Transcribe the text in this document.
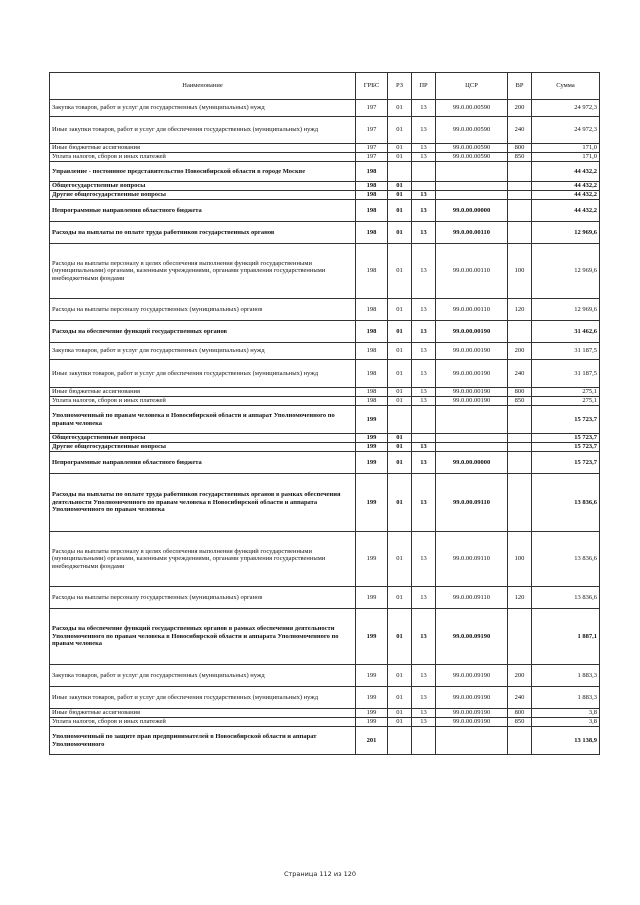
Наименование	ГРБС	РЗ	ПР	ЦСР	ВР	Сумма
Закупка товаров, работ и услуг для государственных (муниципальных) нужд	197	01	13	99.0.00.00590	200	24 972,3
Иные закупки товаров, работ и услуг для обеспечения государственных (муниципальных) нужд	197	01	13	99.0.00.00590	240	24 972,3
Иные бюджетные ассигнования	197	01	13	99.0.00.00590	800	171,0
Уплата налогов, сборов и иных платежей	197	01	13	99.0.00.00590	850	171,0
Управление - постоянное представительство Новосибирской области в городе Москве	198					44 432,2
Общегосударственные вопросы	198	01				44 432,2
Другие общегосударственные вопросы	198	01	13			44 432,2
Непрограммные направления областного бюджета	198	01	13	99.0.00.00000		44 432,2
Расходы на выплаты по оплате труда работников государственных органов	198	01	13	99.0.00.00110		12 969,6
Расходы на выплаты персоналу в целях обеспечения выполнения функций государственными (муниципальными) органами, казенными учреждениями, органами управления государственными внебюджетными фондами	198	01	13	99.0.00.00110	100	12 969,6
Расходы на выплаты персоналу государственных (муниципальных) органов	198	01	13	99.0.00.00110	120	12 969,6
Расходы на обеспечение функций государственных органов	198	01	13	99.0.00.00190		31 462,6
Закупка товаров, работ и услуг для государственных (муниципальных) нужд	198	01	13	99.0.00.00190	200	31 187,5
Иные закупки товаров, работ и услуг для обеспечения государственных (муниципальных) нужд	198	01	13	99.0.00.00190	240	31 187,5
Иные бюджетные ассигнования	198	01	13	99.0.00.00190	800	275,1
Уплата налогов, сборов и иных платежей	198	01	13	99.0.00.00190	850	275,1
Уполномоченный по правам человека в Новосибирской области и аппарат Уполномоченного по правам человека	199					15 723,7
Общегосударственные вопросы	199	01				15 723,7
Другие общегосударственные вопросы	199	01	13			15 723,7
Непрограммные направления областного бюджета	199	01	13	99.0.00.00000		15 723,7
Расходы на выплаты по оплате труда работников государственных органов в рамках обеспечения деятельности Уполномоченного по правам человека в Новосибирской области и аппарата Уполномоченного по правам человека	199	01	13	99.0.00.09110		13 836,6
Расходы на выплаты персоналу в целях обеспечения выполнения функций государственными (муниципальными) органами, казенными учреждениями, органами управления государственными внебюджетными фондами	199	01	13	99.0.00.09110	100	13 836,6
Расходы на выплаты персоналу государственных (муниципальных) органов	199	01	13	99.0.00.09110	120	13 836,6
Расходы на обеспечение функций государственных органов в рамках обеспечения деятельности Уполномоченного по правам человека в Новосибирской области и аппарата Уполномоченного по правам человека	199	01	13	99.0.00.09190		1 887,1
Закупка товаров, работ и услуг для государственных (муниципальных) нужд	199	01	13	99.0.00.09190	200	1 883,3
Иные закупки товаров, работ и услуг для обеспечения государственных (муниципальных) нужд	199	01	13	99.0.00.09190	240	1 883,3
Иные бюджетные ассигнования	199	01	13	99.0.00.09190	800	3,8
Уплата налогов, сборов и иных платежей	199	01	13	99.0.00.09190	850	3,8
Уполномоченный по защите прав предпринимателей в Новосибирской области и аппарат Уполномоченного	201					13 138,9
Страница 112 из 120
